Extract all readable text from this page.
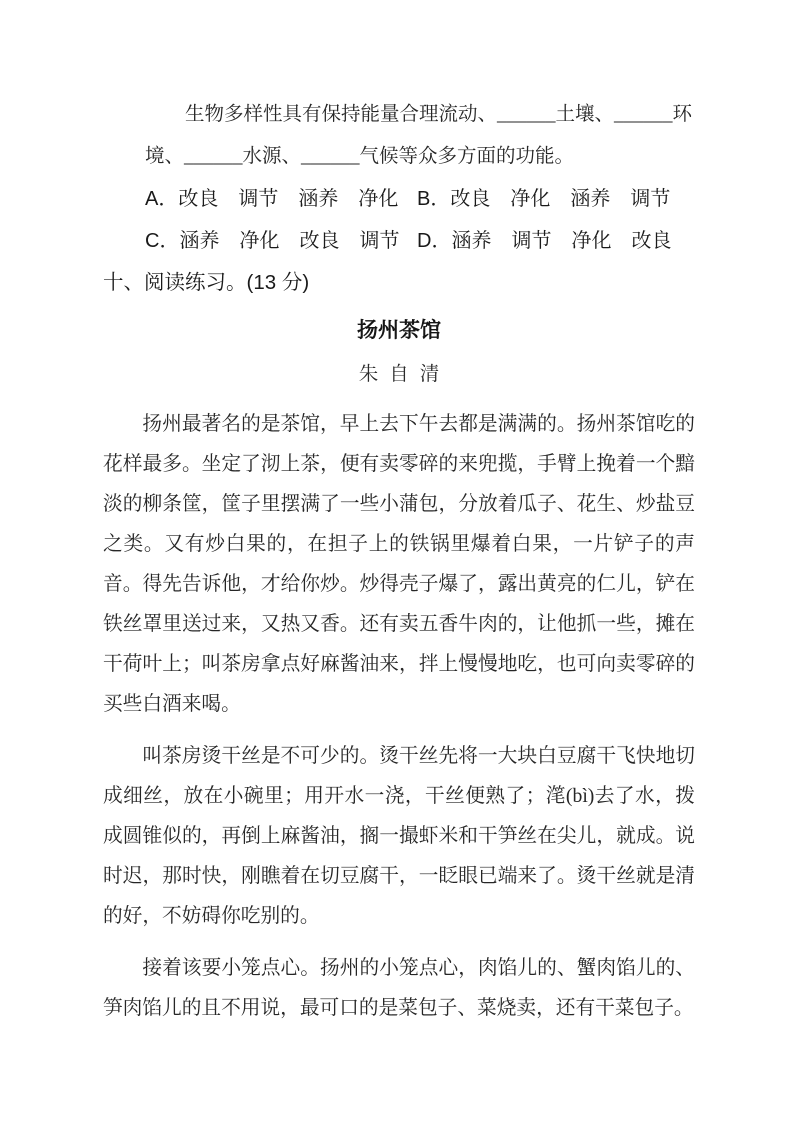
生物多样性具有保持能量合理流动、______土壤、______环
境、______水源、______气候等众多方面的功能。
A．改良　调节　涵养　净化 B．改良　净化　涵养　调节
C．涵养　净化　改良　调节 D．涵养　调节　净化　改良
十、阅读练习。(13 分)
扬州茶馆
朱自清

扬州最著名的是茶馆，早上去下午去都是满满的。扬州茶馆吃的花样最多。坐定了沏上茶，便有卖零碎的来兜揽，手臂上挽着一个黯淡的柳条筐，筐子里摆满了一些小蒲包，分放着瓜子、花生、炒盐豆之类。又有炒白果的，在担子上的铁锅里爆着白果，一片铲子的声音。得先告诉他，才给你炒。炒得壳子爆了，露出黄亮的仁儿，铲在铁丝罩里送过来，又热又香。还有卖五香牛肉的，让他抓一些，摊在干荷叶上；叫茶房拿点好麻酱油来，拌上慢慢地吃，也可向卖零碎的买些白酒来喝。

叫茶房烫干丝是不可少的。烫干丝先将一大块白豆腐干飞快地切成细丝，放在小碗里；用开水一浇，干丝便熟了；滗(bì)去了水，拨成圆锥似的，再倒上麻酱油，搁一撮虾米和干笋丝在尖儿，就成。说时迟，那时快，刚瞧着在切豆腐干，一眨眼已端来了。烫干丝就是清的好，不妨碍你吃别的。

接着该要小笼点心。扬州的小笼点心，肉馅儿的、蟹肉馅儿的、笋肉馅儿的且不用说，最可口的是菜包子、菜烧卖，还有干菜包子。
